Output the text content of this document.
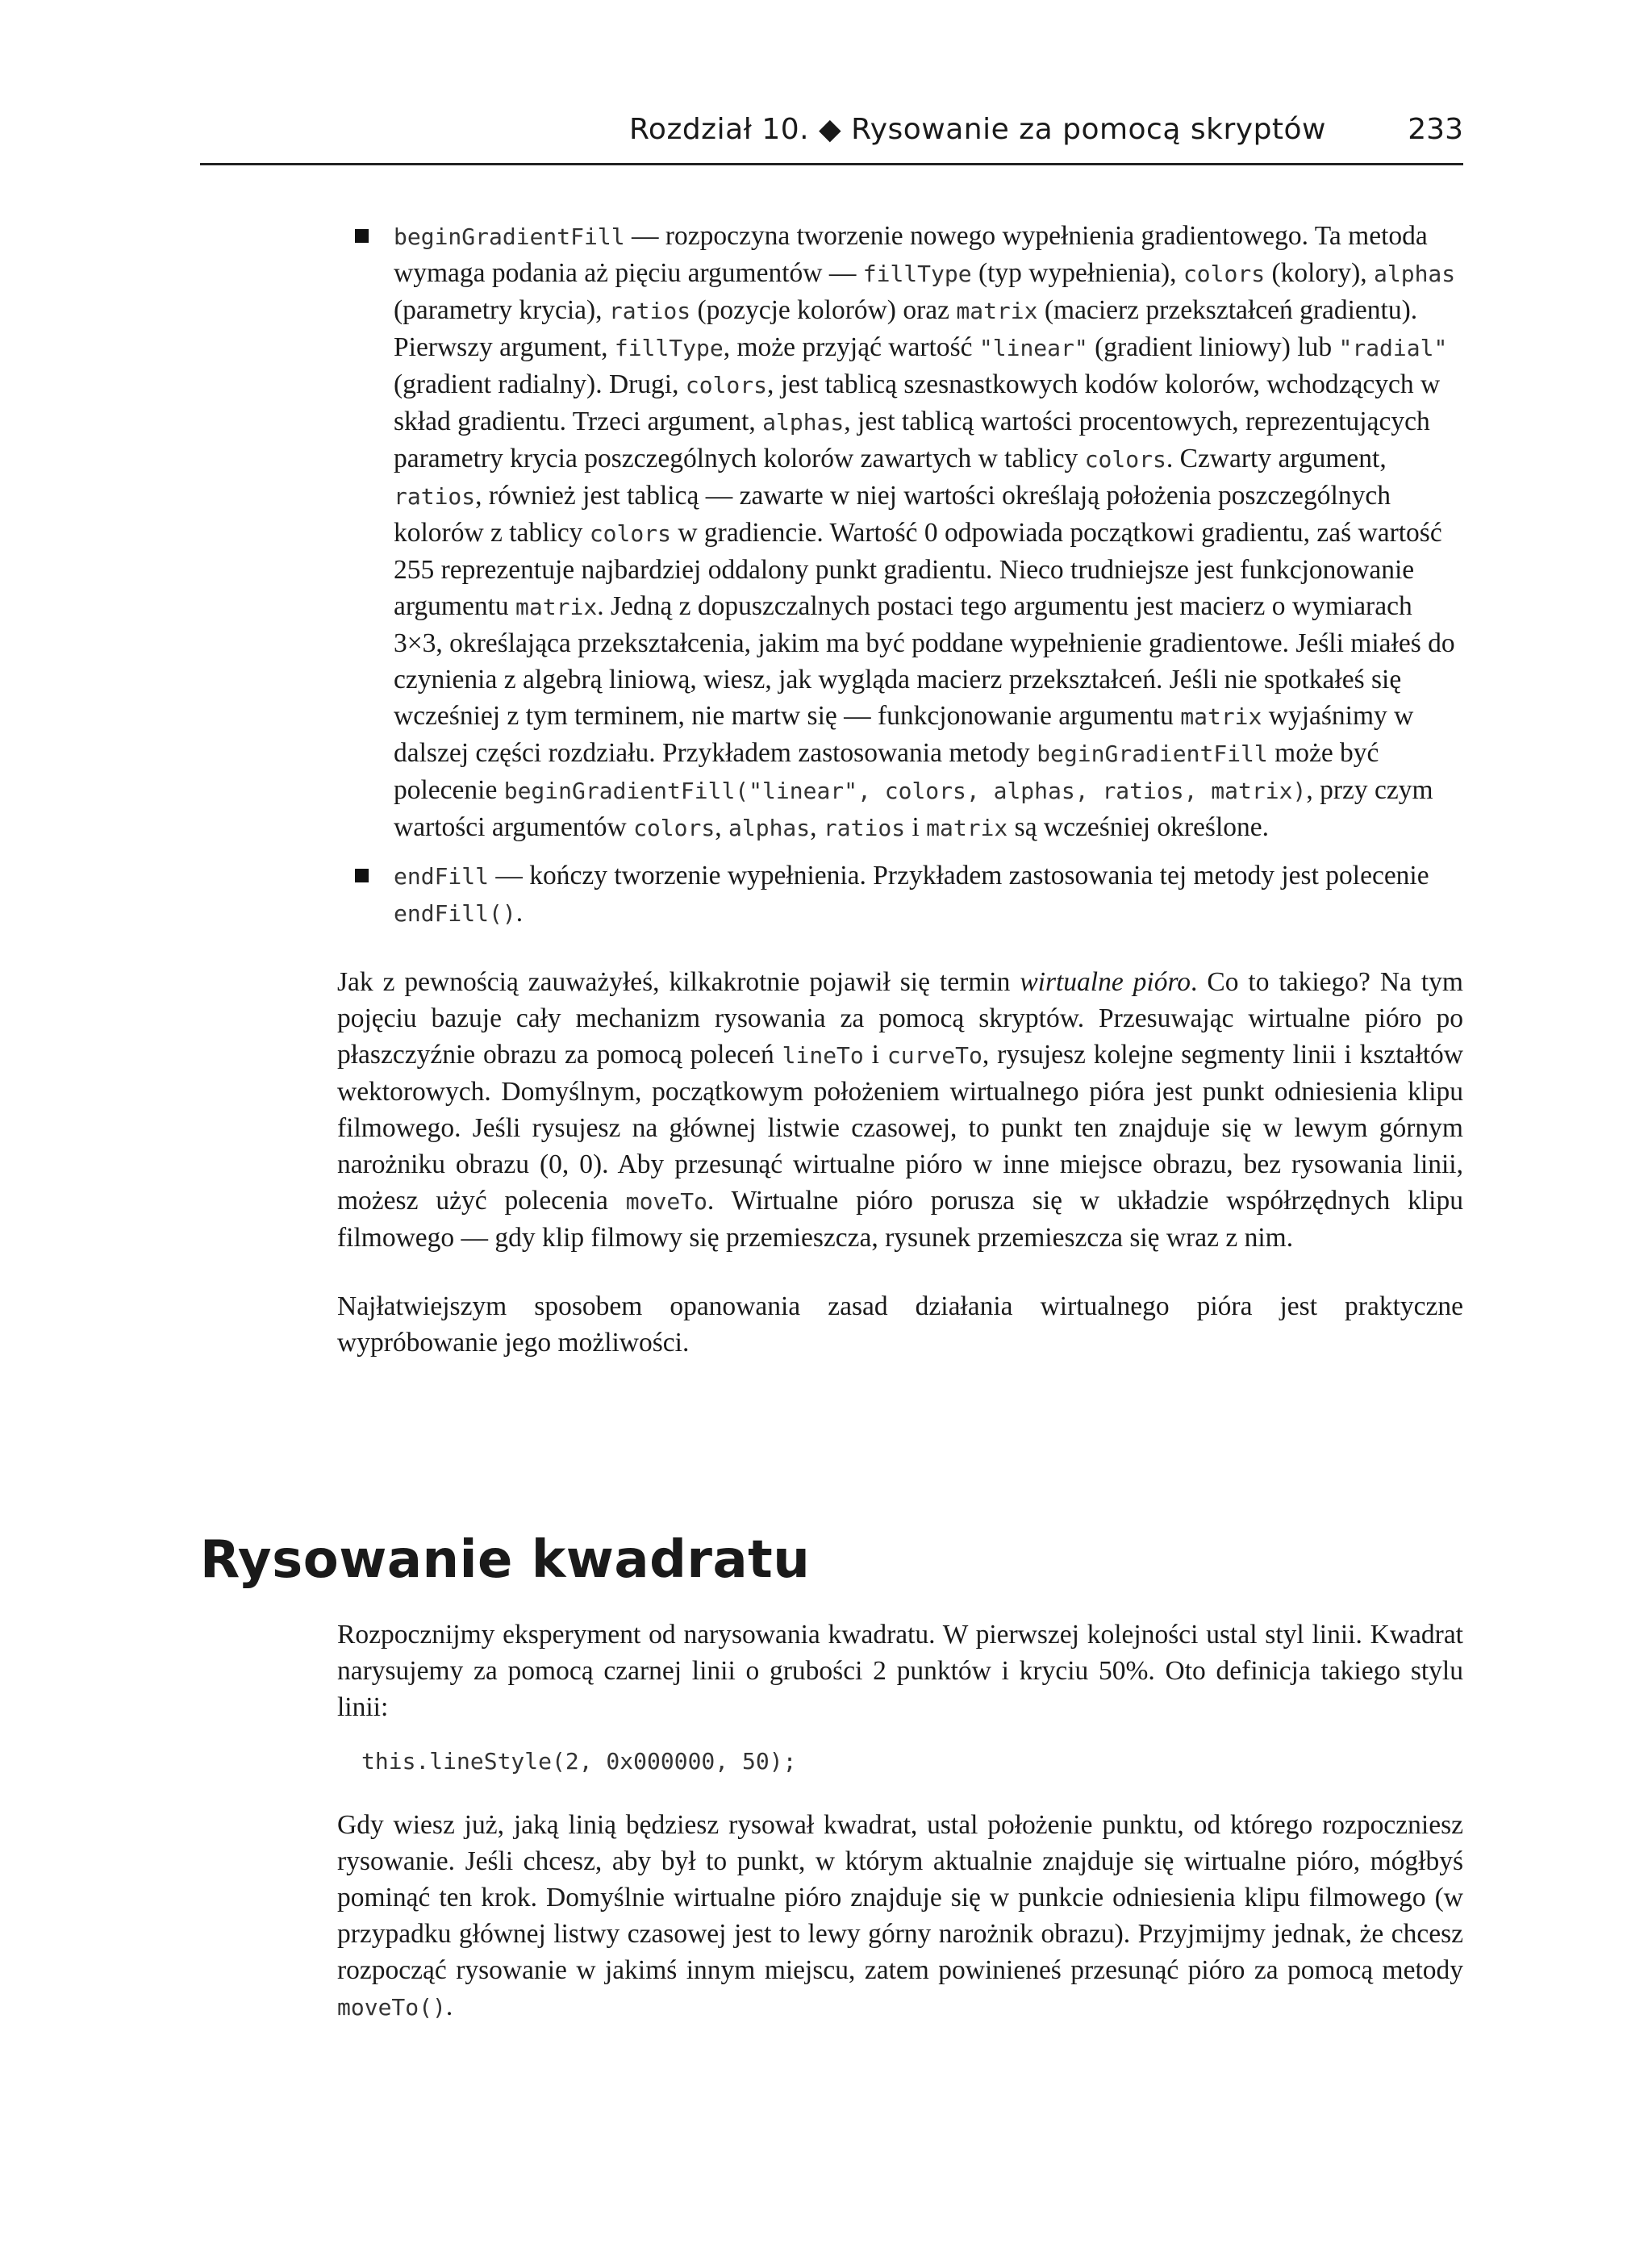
Rozdział 10. ◆ Rysowanie za pomocą skryptów	233
beginGradientFill — rozpoczyna tworzenie nowego wypełnienia gradientowego. Ta metoda wymaga podania aż pięciu argumentów — fillType (typ wypełnienia), colors (kolory), alphas (parametry krycia), ratios (pozycje kolorów) oraz matrix (macierz przekształceń gradientu). Pierwszy argument, fillType, może przyjąć wartość "linear" (gradient liniowy) lub "radial" (gradient radialny). Drugi, colors, jest tablicą szesnastkowych kodów kolorów, wchodzących w skład gradientu. Trzeci argument, alphas, jest tablicą wartości procentowych, reprezentujących parametry krycia poszczególnych kolorów zawartych w tablicy colors. Czwarty argument, ratios, również jest tablicą — zawarte w niej wartości określają położenia poszczególnych kolorów z tablicy colors w gradiencie. Wartość 0 odpowiada początkowi gradientu, zaś wartość 255 reprezentuje najbardziej oddalony punkt gradientu. Nieco trudniejsze jest funkcjonowanie argumentu matrix. Jedną z dopuszczalnych postaci tego argumentu jest macierz o wymiarach 3×3, określająca przekształcenia, jakim ma być poddane wypełnienie gradientowe. Jeśli miałeś do czynienia z algebrą liniową, wiesz, jak wygląda macierz przekształceń. Jeśli nie spotkałeś się wcześniej z tym terminem, nie martw się — funkcjonowanie argumentu matrix wyjaśnimy w dalszej części rozdziału. Przykładem zastosowania metody beginGradientFill może być polecenie beginGradientFill("linear", colors, alphas, ratios, matrix), przy czym wartości argumentów colors, alphas, ratios i matrix są wcześniej określone.
endFill — kończy tworzenie wypełnienia. Przykładem zastosowania tej metody jest polecenie endFill().

Jak z pewnością zauważyłeś, kilkakrotnie pojawił się termin wirtualne pióro. Co to takiego? Na tym pojęciu bazuje cały mechanizm rysowania za pomocą skryptów. Przesuwając wirtualne pióro po płaszczyźnie obrazu za pomocą poleceń lineTo i curveTo, rysujesz kolejne segmenty linii i kształtów wektorowych. Domyślnym, początkowym położeniem wirtualnego pióra jest punkt odniesienia klipu filmowego. Jeśli rysujesz na głównej listwie czasowej, to punkt ten znajduje się w lewym górnym narożniku obrazu (0, 0). Aby przesunąć wirtualne pióro w inne miejsce obrazu, bez rysowania linii, możesz użyć polecenia moveTo. Wirtualne pióro porusza się w układzie współrzędnych klipu filmowego — gdy klip filmowy się przemieszcza, rysunek przemieszcza się wraz z nim.

Najłatwiejszym sposobem opanowania zasad działania wirtualnego pióra jest praktyczne wypróbowanie jego możliwości.

Rysowanie kwadratu

Rozpocznijmy eksperyment od narysowania kwadratu. W pierwszej kolejności ustal styl linii. Kwadrat narysujemy za pomocą czarnej linii o grubości 2 punktów i kryciu 50%. Oto definicja takiego stylu linii:

this.lineStyle(2, 0x000000, 50);

Gdy wiesz już, jaką linią będziesz rysował kwadrat, ustal położenie punktu, od którego rozpoczniesz rysowanie. Jeśli chcesz, aby był to punkt, w którym aktualnie znajduje się wirtualne pióro, mógłbyś pominąć ten krok. Domyślnie wirtualne pióro znajduje się w punkcie odniesienia klipu filmowego (w przypadku głównej listwy czasowej jest to lewy górny narożnik obrazu). Przyjmijmy jednak, że chcesz rozpocząć rysowanie w jakimś innym miejscu, zatem powinieneś przesunąć pióro za pomocą metody moveTo().
